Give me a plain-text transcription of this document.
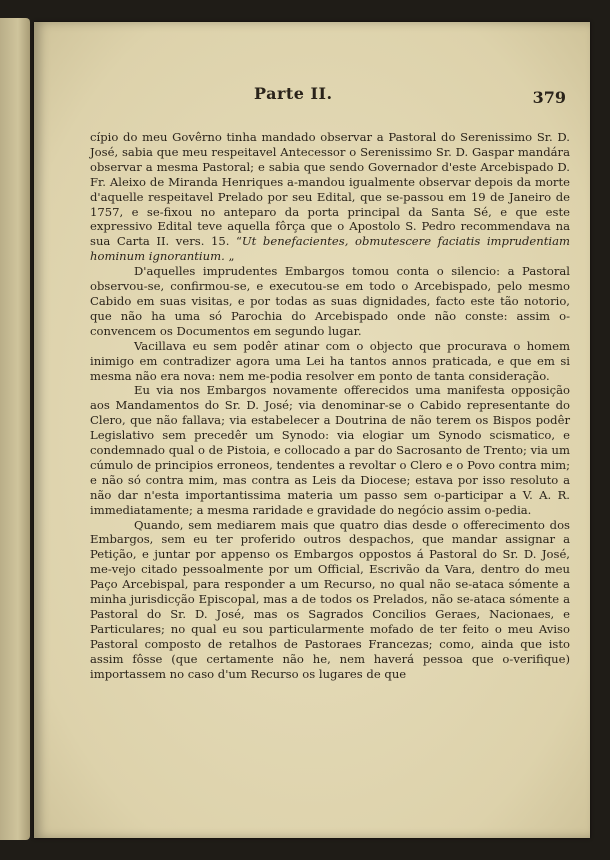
Parte II.	379

cípio do meu Govêrno tinha mandado observar a Pastoral do Serenissimo Sr. D. José, sabia que meu respeitavel Antecessor o Serenissimo Sr. D. Gaspar mandára observar a mesma Pastoral; e sabia que sendo Governador d'este Arcebispado D. Fr. Aleixo de Miranda Henriques a-mandou igualmente observar depois da morte d'aquelle respeitavel Prelado por seu Edital, que se-passou em 19 de Janeiro de 1757, e se-fixou no anteparo da porta principal da Santa Sé, e que este expressivo Edital teve aquella fôrça que o Apostolo S. Pedro recommendava na sua Carta II. vers. 15. “Ut benefacientes, obmutescere faciatis imprudentiam hominum ignorantium. „

D'aquelles imprudentes Embargos tomou conta o silencio: a Pastoral observou-se, confirmou-se, e executou-se em todo o Arcebispado, pelo mesmo Cabido em suas visitas, e por todas as suas dignidades, facto este tão notorio, que não ha uma só Parochia do Arcebispado onde não conste: assim o-convencem os Documentos em segundo lugar.

Vacillava eu sem podêr atinar com o objecto que procurava o homem inimigo em contradizer agora uma Lei ha tantos annos praticada, e que em si mesma não era nova: nem me-podia resolver em ponto de tanta consideração.

Eu via nos Embargos novamente offerecidos uma manifesta opposição aos Mandamentos do Sr. D. José; via denominar-se o Cabido representante do Clero, que não fallava; via estabelecer a Doutrina de não terem os Bispos podêr Legislativo sem precedêr um Synodo: via elogiar um Synodo scismatico, e condemnado qual o de Pistoia, e collocado a par do Sacrosanto de Trento; via um cúmulo de principios erroneos, tendentes a revoltar o Clero e o Povo contra mim; e não só contra mim, mas contra as Leis da Diocese; estava por isso resoluto a não dar n'esta importantissima materia um passo sem o-participar a V. A. R. immediatamente; a mesma raridade e gravidade do negócio assim o-pedia.

Quando, sem mediarem mais que quatro dias desde o offerecimento dos Embargos, sem eu ter proferido outros despachos, que mandar assignar a Petição, e juntar por appenso os Embargos oppostos á Pastoral do Sr. D. José, me-vejo citado pessoalmente por um Official, Escrivão da Vara, dentro do meu Paço Arcebispal, para responder a um Recurso, no qual não se-ataca sómente a minha jurisdicção Episcopal, mas a de todos os Prelados, não se-ataca sómente a Pastoral do Sr. D. José, mas os Sagrados Concilios Geraes, Nacionaes, e Particulares; no qual eu sou particularmente mofado de ter feito o meu Aviso Pastoral composto de retalhos de Pastoraes Francezas; como, ainda que isto assim fôsse (que certamente não he, nem haverá pessoa que o-verifique) importassem no caso d'um Recurso os lugares de que
